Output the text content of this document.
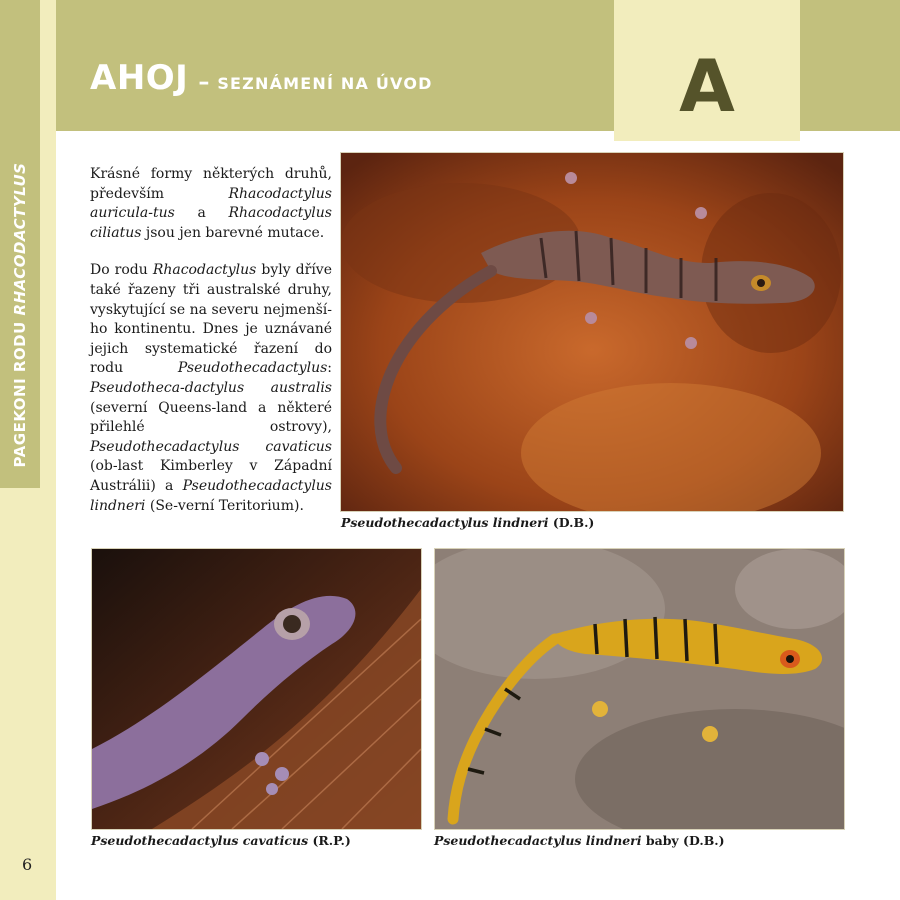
PAGEKONI RODU RHACODACTYLUS
AHOJ – SEZNÁMENÍ NA ÚVOD	A

Krásné formy některých druhů, především Rhacodactylus auricula-tus a Rhacodactylus ciliatus jsou jen barevné mutace.

Do rodu Rhacodactylus byly dříve také řazeny tři australské druhy, vyskytující se na severu nejmenší-ho kontinentu. Dnes je uznávané jejich systematické řazení do rodu Pseudothecadactylus: Pseudotheca-dactylus australis (severní Queens-land a některé přilehlé ostrovy), Pseudothecadactylus cavaticus (ob-last Kimberley v Západní Austrálii) a Pseudothecadactylus lindneri (Se-verní Teritorium).

Pseudothecadactylus lindneri (D.B.)
Pseudothecadactylus cavaticus (R.P.)	Pseudothecadactylus lindneri baby (D.B.)
6
